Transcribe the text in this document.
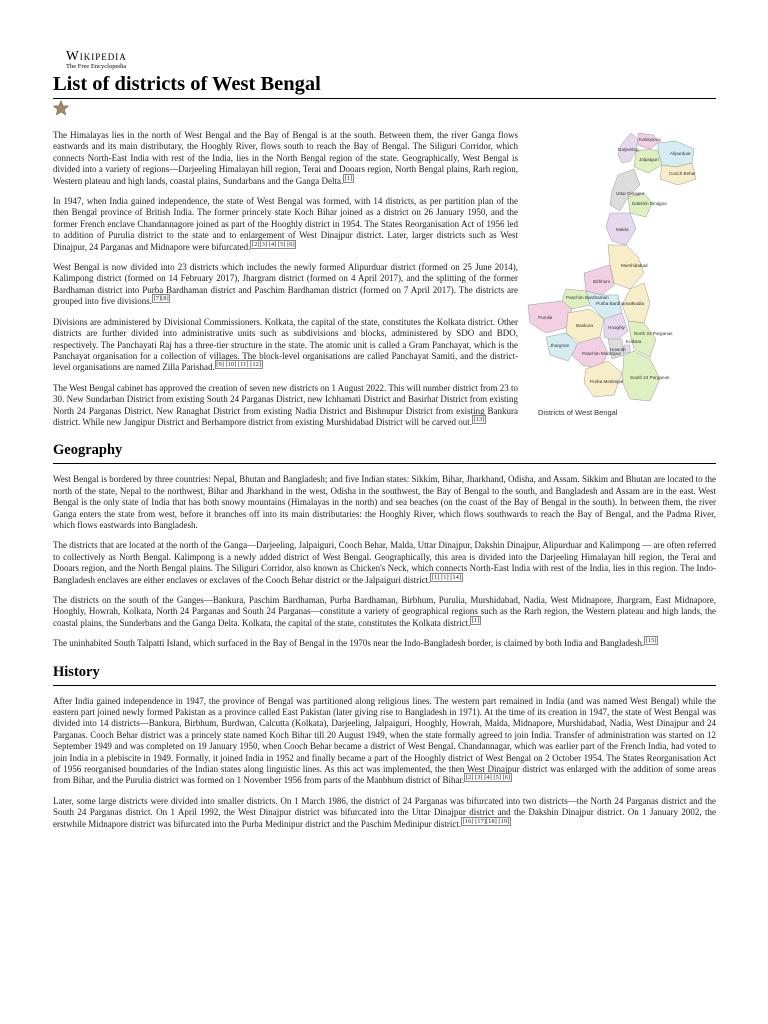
Wikipedia
The Free Encyclopedia
List of districts of West Bengal
Kalimpong
Darjeeling
Alipurduar
Jalpaiguri
Cooch Behar
Uttar Dinajpur
Dakshin Dinajpur
Malda
Murshidabad
Birbhum
Paschim Bardhaman
Purba Bardhaman
Nadia
Purulia
Bankura	Hooghly
Jhargram
Paschim Medinipur
Howrah
Kolkata
North 24 Parganas
Purba Medinipur
South 24 Parganas
Districts of West Bengal

The Himalayas lies in the north of West Bengal and the Bay of Bengal is at the south. Between them, the river Ganga flows eastwards and its main distributary, the Hooghly River, flows south to reach the Bay of Bengal. The Siliguri Corridor, which connects North-East India with rest of the India, lies in the North Bengal region of the state. Geographically, West Bengal is divided into a variety of regions—Darjeeling Himalayan hill region, Terai and Dooars region, North Bengal plains, Rarh region, Western plateau and high lands, coastal plains, Sundarbans and the Ganga Delta. [1]

In 1947, when India gained independence, the state of West Bengal was formed, with 14 districts, as per partition plan of the then Bengal province of British India. The former princely state Koch Bihar joined as a district on 26 January 1950, and the former French enclave Chandannagore joined as part of the Hooghly district in 1954. The States Reorganisation Act of 1956 led to addition of Purulia district to the state and to enlargement of West Dinajpur district. Later, larger districts such as West Dinajpur, 24 Parganas and Midnapore were bifurcated. [2][3] [4] [5] [6]

West Bengal is now divided into 23 districts which includes the newly formed Alipurduar district (formed on 25 June 2014), Kalimpong district (formed on 14 February 2017), Jhargram district (formed on 4 April 2017), and the splitting of the former Bardhaman district into Purba Bardhaman district and Paschim Bardhaman district (formed on 7 April 2017). The districts are grouped into five divisions. [7][8]

Divisions are administered by Divisional Commissioners. Kolkata, the capital of the state, constitutes the Kolkata district. Other districts are further divided into administrative units such as subdivisions and blocks, administered by SDO and BDO, respectively. The Panchayati Raj has a three-tier structure in the state. The atomic unit is called a Gram Panchayat, which is the Panchayat organisation for a collection of villages. The block-level organisations are called Panchayat Samiti, and the district-level organisations are named Zilla Parishad. [9] [10] [11] [12]

The West Bengal cabinet has approved the creation of seven new districts on 1 August 2022. This will number district from 23 to 30. New Sundarban District from existing South 24 Parganas District, new Ichhamati District and Basirhat District from existing North 24 Parganas District. New Ranaghat District from existing Nadia District and Bishnupur District from existing Bankura district. While new Jangipur District and Berhampore district from existing Murshidabad District will be carved out. [13]

Geography

West Bengal is bordered by three countries: Nepal, Bhutan and Bangladesh; and five Indian states: Sikkim, Bihar, Jharkhand, Odisha, and Assam. Sikkim and Bhutan are located to the north of the state, Nepal to the northwest, Bihar and Jharkhand in the west, Odisha in the southwest, the Bay of Bengal to the south, and Bangladesh and Assam are in the east. West Bengal is the only state of India that has both snowy mountains (Himalayas in the north) and sea beaches (on the coast of the Bay of Bengal in the south). In between them, the river Ganga enters the state from west, before it branches off into its main distributaries: the Hooghly River, which flows southwards to reach the Bay of Bengal, and the Padma River, which flows eastwards into Bangladesh.

The districts that are located at the north of the Ganga—Darjeeling, Jalpaiguri, Cooch Behar, Malda, Uttar Dinajpur, Dakshin Dinajpur, Alipurduar and Kalimpong — are often referred to collectively as North Bengal. Kalimpong is a newly added district of West Bengal. Geographically, this area is divided into the Darjeeling Himalayan hill region, the Terai and Dooars region, and the North Bengal plains. The Siliguri Corridor, also known as Chicken's Neck, which connects North-East India with rest of the India, lies in this region. The Indo-Bangladesh enclaves are either enclaves or exclaves of the Cooch Behar district or the Jalpaiguri district. [1] [1] [14]

The districts on the south of the Ganges—Bankura, Paschim Bardhaman, Purba Bardhaman, Birbhum, Purulia, Murshidabad, Nadia, West Midnapore, Jhargram, East Midnapore, Hooghly, Howrah, Kolkata, North 24 Parganas and South 24 Parganas—constitute a variety of geographical regions such as the Rarh region, the Western plateau and high lands, the coastal plains, the Sunderbans and the Ganga Delta. Kolkata, the capital of the state, constitutes the Kolkata district. [1]

The uninhabited South Talpatti Island, which surfaced in the Bay of Bengal in the 1970s near the Indo-Bangladesh border, is claimed by both India and Bangladesh. [15]

History

After India gained independence in 1947, the province of Bengal was partitioned along religious lines. The western part remained in India (and was named West Bengal) while the eastern part joined newly formed Pakistan as a province called East Pakistan (later giving rise to Bangladesh in 1971). At the time of its creation in 1947, the state of West Bengal was divided into 14 districts—Bankura, Birbhum, Burdwan, Calcutta (Kolkata), Darjeeling, Jalpaiguri, Hooghly, Howrah, Malda, Midnapore, Murshidabad, Nadia, West Dinajpur and 24 Parganas. Cooch Behar district was a princely state named Koch Bihar till 20 August 1949, when the state formally agreed to join India. Transfer of administration was started on 12 September 1949 and was completed on 19 January 1950, when Cooch Behar became a district of West Bengal. Chandannagar, which was earlier part of the French India, had voted to join India in a plebiscite in 1949. Formally, it joined India in 1952 and finally became a part of the Hooghly district of West Bengal on 2 October 1954. The States Reorganisation Act of 1956 reorganised boundaries of the Indian states along linguistic lines. As this act was implemented, the then West Dinajpur district was enlarged with the addition of some areas from Bihar, and the Purulia district was formed on 1 November 1956 from parts of the Manbhum district of Bihar. [2] [3] [4] [5] [6]

Later, some large districts were divided into smaller districts. On 1 March 1986, the district of 24 Parganas was bifurcated into two districts—the North 24 Parganas district and the South 24 Parganas district. On 1 April 1992, the West Dinajpur district was bifurcated into the Uttar Dinajpur district and the Dakshin Dinajpur district. On 1 January 2002, the erstwhile Midnapore district was bifurcated into the Purba Medinipur district and the Paschim Medinipur district. [16] [17][18] [19]
